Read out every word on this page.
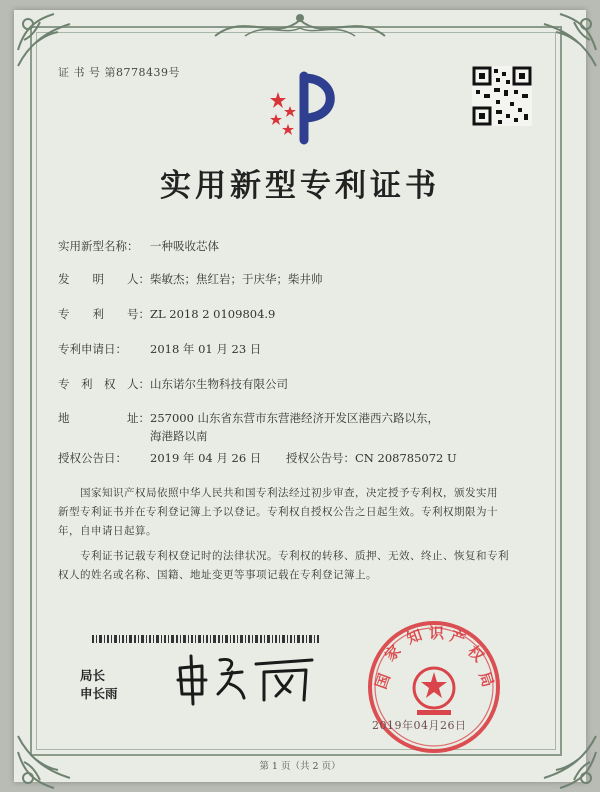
证 书 号 第8778439号
实用新型专利证书
实用新型名称： 一种吸收芯体
发　　明　　人：柴敏杰；焦红岩；于庆华；柴井帅
专　　利　　号：ZL 2018 2 0109804.9
专利申请日： 2018 年 01 月 23 日
专　利　权　人：山东诺尔生物科技有限公司
地　　　　　址：257000 山东省东营市东营港经济开发区港西六路以东，
海港路以南
授权公告日： 2019 年 04 月 26 日 授权公告号：CN 208785072 U
　　国家知识产权局依照中华人民共和国专利法经过初步审查，决定授予专利权，颁发实用
新型专利证书并在专利登记簿上予以登记。专利权自授权公告之日起生效。专利权期限为十
年，自申请日起算。
　　专利证书记载专利权登记时的法律状况。专利权的转移、质押、无效、终止、恢复和专利
权人的姓名或名称、国籍、地址变更等事项记载在专利登记簿上。
局长
申长雨
国
家
知 识 产
权
局
2019年04月26日
第 1 页（共 2 页）
